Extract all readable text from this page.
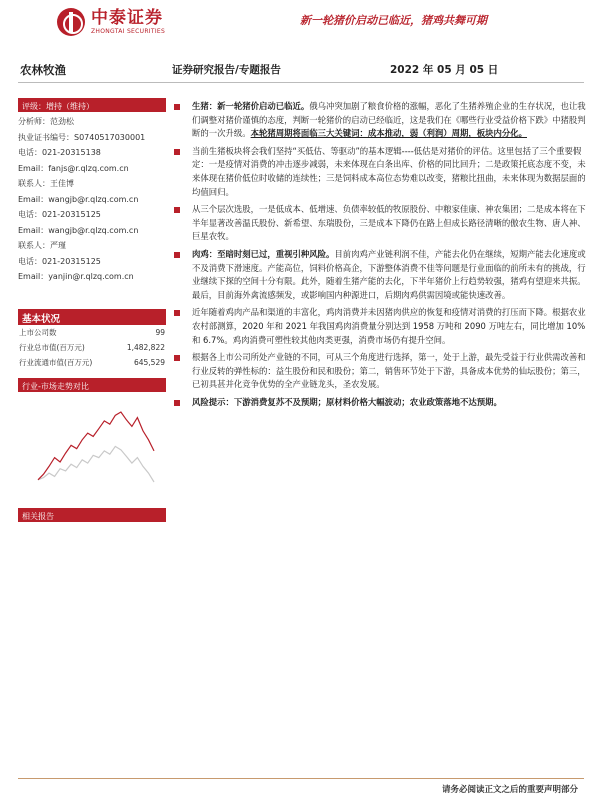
中泰证券
ZHONGTAI SECURITIES
新一轮猪价启动已临近，猪鸡共舞可期
农林牧渔	证券研究报告/专题报告	2022 年 05 月 05 日
评级：增持（维持）
分析师：范劲松
执业证书编号：S0740517030001
电话：021-20315138
Email：fanjs@r.qlzq.com.cn
联系人：王佳博
Email：wangjb@r.qlzq.com.cn
电话：021-20315125
Email：wangjb@r.qlzq.com.cn
联系人：严瑾
电话：021-20315125
Email：yanjin@r.qlzq.com.cn
基本状况
上市公司数	99
行业总市值(百万元)	1,482,822
行业流通市值(百万元)	645,529
行业-市场走势对比
相关报告
生猪：新一轮猪价启动已临近。俄乌冲突加剧了粮食价格的涨幅，恶化了生猪养殖企业的生存状况，也让我们调整对猪价谨慎的态度，判断一轮猪价的启动已经临近，这是我们在《哪些行业受益价格下跌》中猪股判断的一次升级。本轮猪周期将面临三大关键词：成本推动，弱（利润）周期，板块内分化。
当前生猪板块将会我们坚持“买低估、等驱动”的基本逻辑----低估是对猪价的评估。这里包括了三个重要假定：一是疫情对消费的冲击逐步减弱，未来体现在白条出库、价格的同比回升；二是政策托底态度不变，未来体现在猪价低位时收储的连续性；三是饲料成本高位态势难以改变，猪粮比扭曲，未来体现为数据层面的均值回归。
从三个层次选股，一是低成本、低增速、负债率较低的牧原股份、中粮家佳康、神农集团；二是成本将在下半年显著改善温氏股份、新希望、东瑞股份，三是成本下降仍在路上但成长路径清晰的傲农生物、唐人神、巨星农牧。
肉鸡：至暗时刻已过，重视引种风险。目前肉鸡产业链利润不佳，产能去化仍在继续，短期产能去化速度或不及消费下滑速度。产能高位，饲料价格高企，下游整体消费不佳等问题是行业面临的前所未有的挑战，行业继续下探的空间十分有限。此外，随着生猪产能的去化，下半年猪价上行趋势较强，猪鸡有望迎来共振。最后，目前海外禽流感频发，或影响国内种源进口，后期肉鸡供需因境或能快速改善。
近年随着鸡肉产品和渠道的丰富化，鸡肉消费并未因猪肉供应的恢复和疫情对消费的打压而下降。根据农业农村部测算，2020 年和 2021 年我国鸡肉消费量分别达到 1958 万吨和 2090 万吨左右，同比增加 10% 和 6.7%。鸡肉消费可塑性较其他肉类更强，消费市场仍有提升空间。
根据各上市公司所处产业链的不同，可从三个角度进行选择，第一，处于上游，最先受益于行业供需改善和行业反转的弹性标的：益生股份和民和股份；第二，销售环节处于下游，具备成本优势的仙坛股份；第三，已初具甚并化竞争优势的全产业链龙头，圣农发展。
风险提示：下游消费复苏不及预期；原材料价格大幅波动；农业政策落地不达预期。
请务必阅读正文之后的重要声明部分
